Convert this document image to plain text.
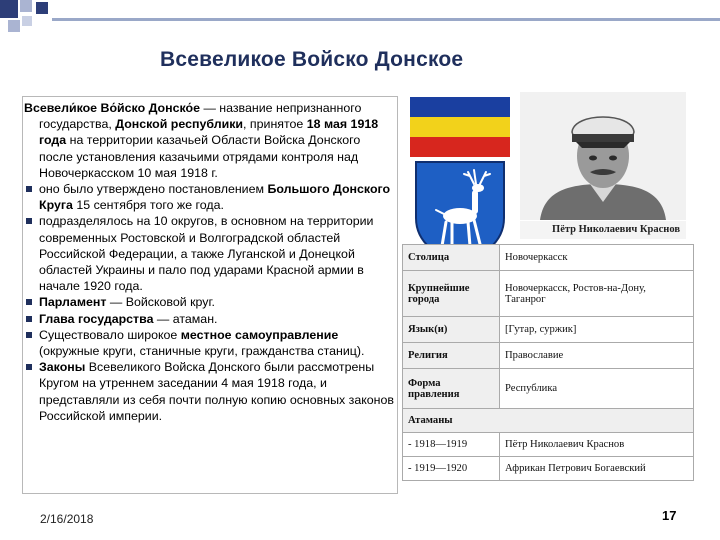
Всевеликое Войско Донское

Всевели́кое Во́йско Донско́е — название непризнанного государства, Донской республики, принятое 18 мая 1918 года на территории казачьей Области Войска Донского после установления казачьими отрядами контроля над Новочеркасском 10 мая 1918 г.

оно было утверждено постановлением Большого Донского Круга 15 сентября того же года.

подразделялось на 10 округов, в основном на территории современных Ростовской и Волгоградской областей Российской Федерации, а также Луганской и Донецкой областей Украины и пало под ударами Красной армии в начале 1920 года.

Парламент — Войсковой круг.

Глава государства — атаман.

Существовало широкое местное самоуправление (окружные круги, станичные круги, гражданства станиц).

Законы Всевеликого Войска Донского были рассмотрены Кругом на утреннем заседании 4 мая 1918 года, и представляли из себя почти полную копию основных законов Российской империи.

Пётр Николаевич Краснов
Столица	Новочеркасск
Крупнейшие города	Новочеркасск, Ростов-на-Дону, Таганрог
Язык(и)	[Гутар, суржик]
Религия	Православие
Форма правления	Республика
Атаманы	
- 1918—1919	Пётр Николаевич Краснов
- 1919—1920	Африкан Петрович Богаевский
2/16/2018	17
